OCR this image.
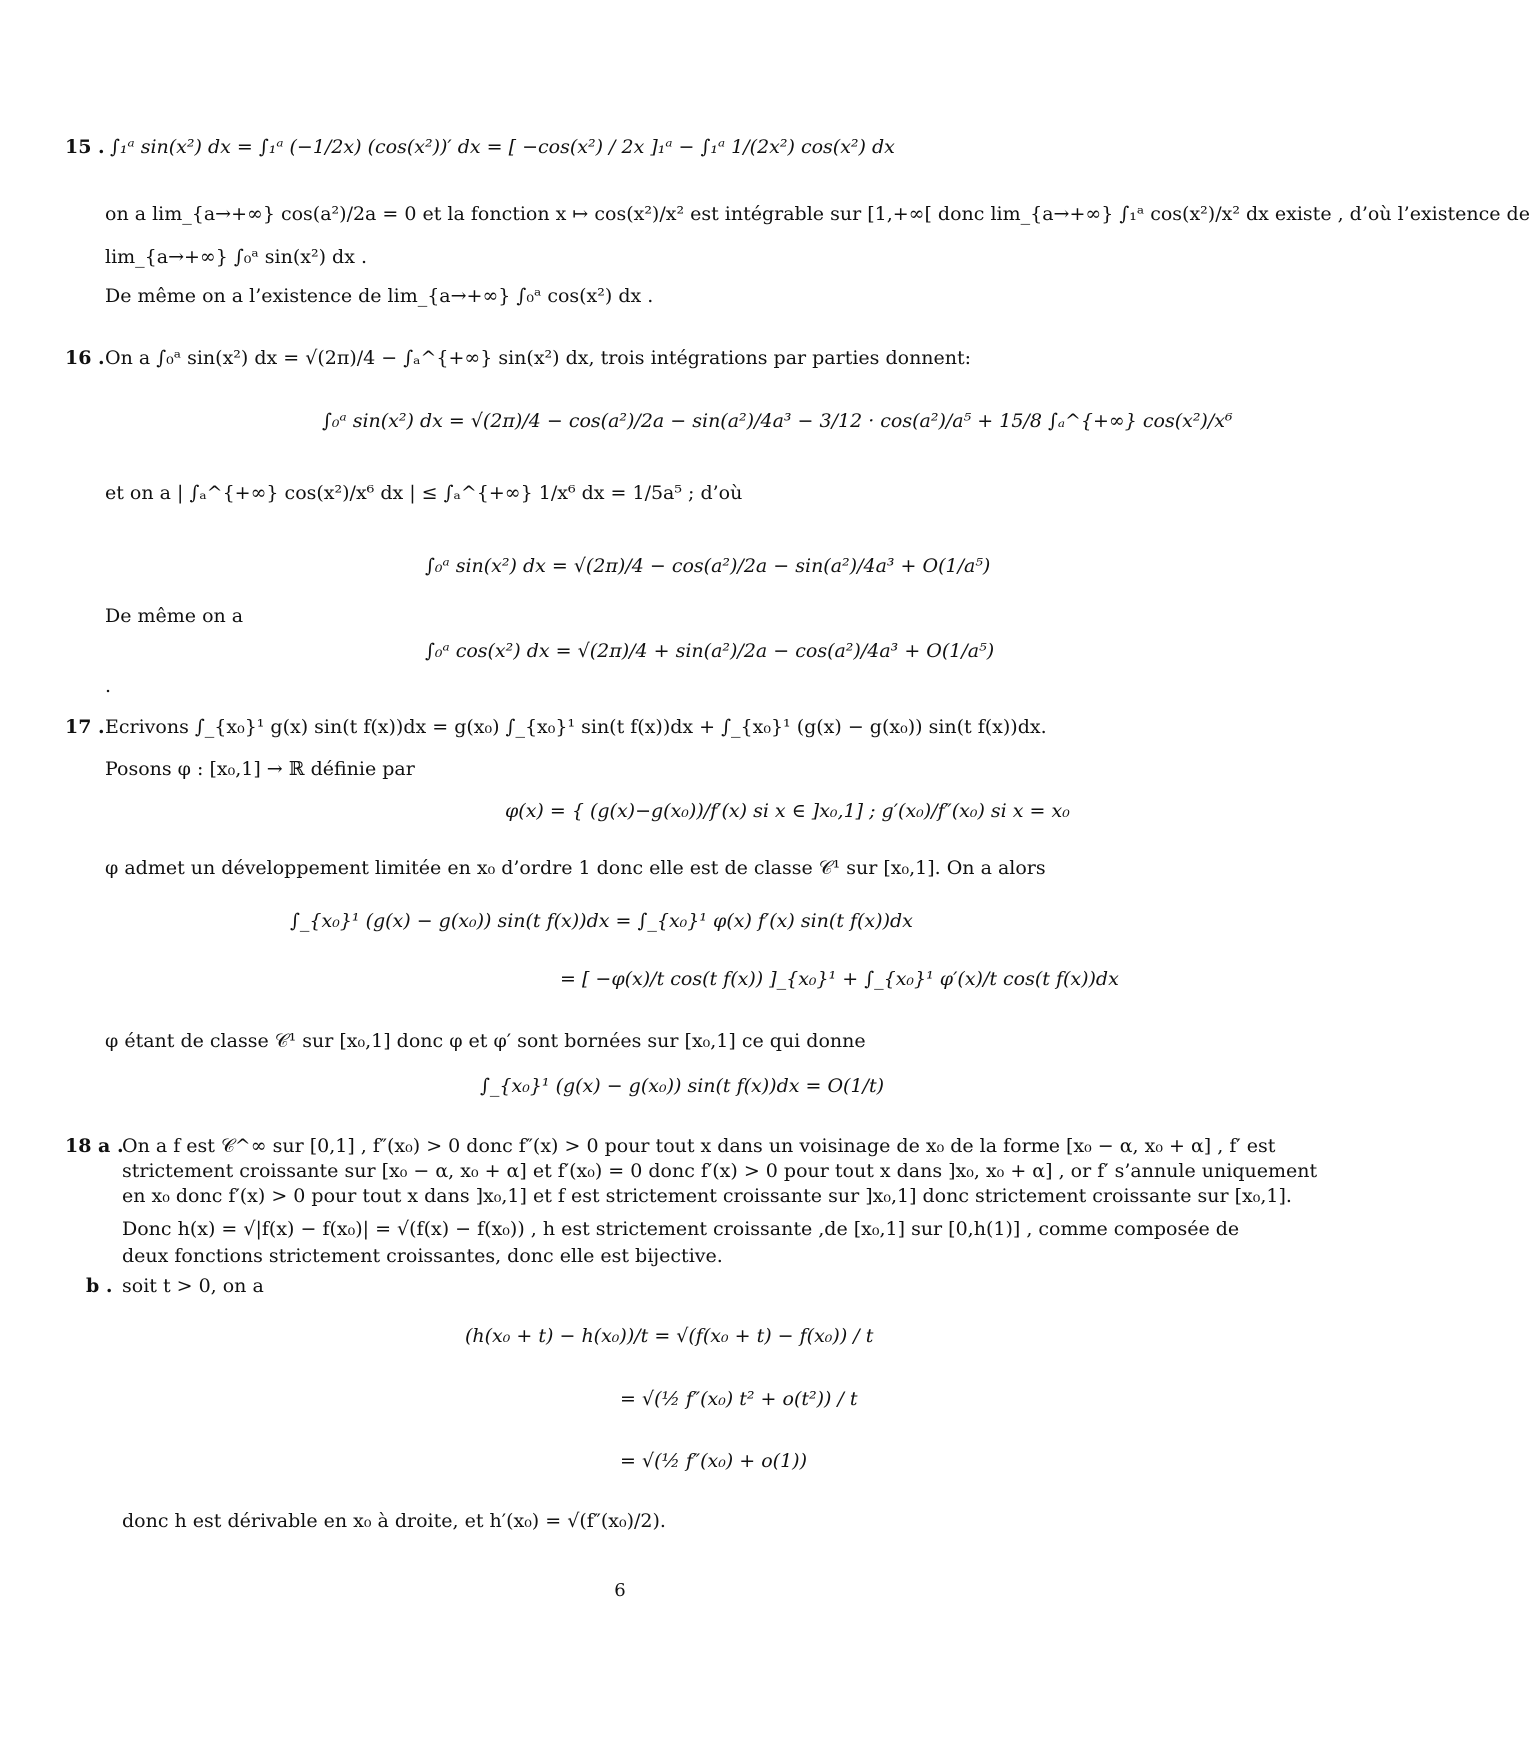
15 . ∫₁ᵃ sin(x²) dx = ∫₁ᵃ (−1/2x) (cos(x²))′ dx = [ −cos(x²) / 2x ]₁ᵃ − ∫₁ᵃ 1/(2x²) cos(x²) dx
on a lim_{a→+∞} cos(a²)/2a = 0 et la fonction x ↦ cos(x²)/x² est intégrable sur [1,+∞[ donc lim_{a→+∞} ∫₁ᵃ cos(x²)/x² dx existe , d’où l’existence de
lim_{a→+∞} ∫₀ᵃ sin(x²) dx .
De même on a l’existence de lim_{a→+∞} ∫₀ᵃ cos(x²) dx .
16 . On a ∫₀ᵃ sin(x²) dx = √(2π)/4 − ∫ₐ^{+∞} sin(x²) dx, trois intégrations par parties donnent:
∫₀ᵃ sin(x²) dx = √(2π)/4 − cos(a²)/2a − sin(a²)/4a³ − 3/12 · cos(a²)/a⁵ + 15/8 ∫ₐ^{+∞} cos(x²)/x⁶
et on a | ∫ₐ^{+∞} cos(x²)/x⁶ dx | ≤ ∫ₐ^{+∞} 1/x⁶ dx = 1/5a⁵ ; d’où
∫₀ᵃ sin(x²) dx = √(2π)/4 − cos(a²)/2a − sin(a²)/4a³ + O(1/a⁵)
De même on a
∫₀ᵃ cos(x²) dx = √(2π)/4 + sin(a²)/2a − cos(a²)/4a³ + O(1/a⁵)
.
17 . Ecrivons ∫_{x₀}¹ g(x) sin(t f(x))dx = g(x₀) ∫_{x₀}¹ sin(t f(x))dx + ∫_{x₀}¹ (g(x) − g(x₀)) sin(t f(x))dx.
Posons φ : [x₀,1] → ℝ définie par
φ(x) = { (g(x)−g(x₀))/f′(x) si x ∈ ]x₀,1] ; g′(x₀)/f″(x₀) si x = x₀
φ admet un développement limitée en x₀ d’ordre 1 donc elle est de classe 𝒞¹ sur [x₀,1]. On a alors
∫_{x₀}¹ (g(x) − g(x₀)) sin(t f(x))dx = ∫_{x₀}¹ φ(x) f′(x) sin(t f(x))dx
= [ −φ(x)/t cos(t f(x)) ]_{x₀}¹ + ∫_{x₀}¹ φ′(x)/t cos(t f(x))dx
φ étant de classe 𝒞¹ sur [x₀,1] donc φ et φ′ sont bornées sur [x₀,1] ce qui donne
∫_{x₀}¹ (g(x) − g(x₀)) sin(t f(x))dx = O(1/t)
18 a .
On a f est 𝒞^∞ sur [0,1] , f″(x₀) > 0 donc f″(x) > 0 pour tout x dans un voisinage de x₀ de la forme [x₀ − α, x₀ + α] , f′ est
strictement croissante sur [x₀ − α, x₀ + α] et f′(x₀) = 0 donc f′(x) > 0 pour tout x dans ]x₀, x₀ + α] , or f′ s’annule uniquement
en x₀ donc f′(x) > 0 pour tout x dans ]x₀,1] et f est strictement croissante sur ]x₀,1] donc strictement croissante sur [x₀,1].
Donc h(x) = √|f(x) − f(x₀)| = √(f(x) − f(x₀)) , h est strictement croissante ,de [x₀,1] sur [0,h(1)] , comme composée de
deux fonctions strictement croissantes, donc elle est bijective.
b . soit t > 0, on a
(h(x₀ + t) − h(x₀))/t = √(f(x₀ + t) − f(x₀)) / t
= √(½ f″(x₀) t² + o(t²)) / t
= √(½ f″(x₀) + o(1))
donc h est dérivable en x₀ à droite, et h′(x₀) = √(f″(x₀)/2).
6
